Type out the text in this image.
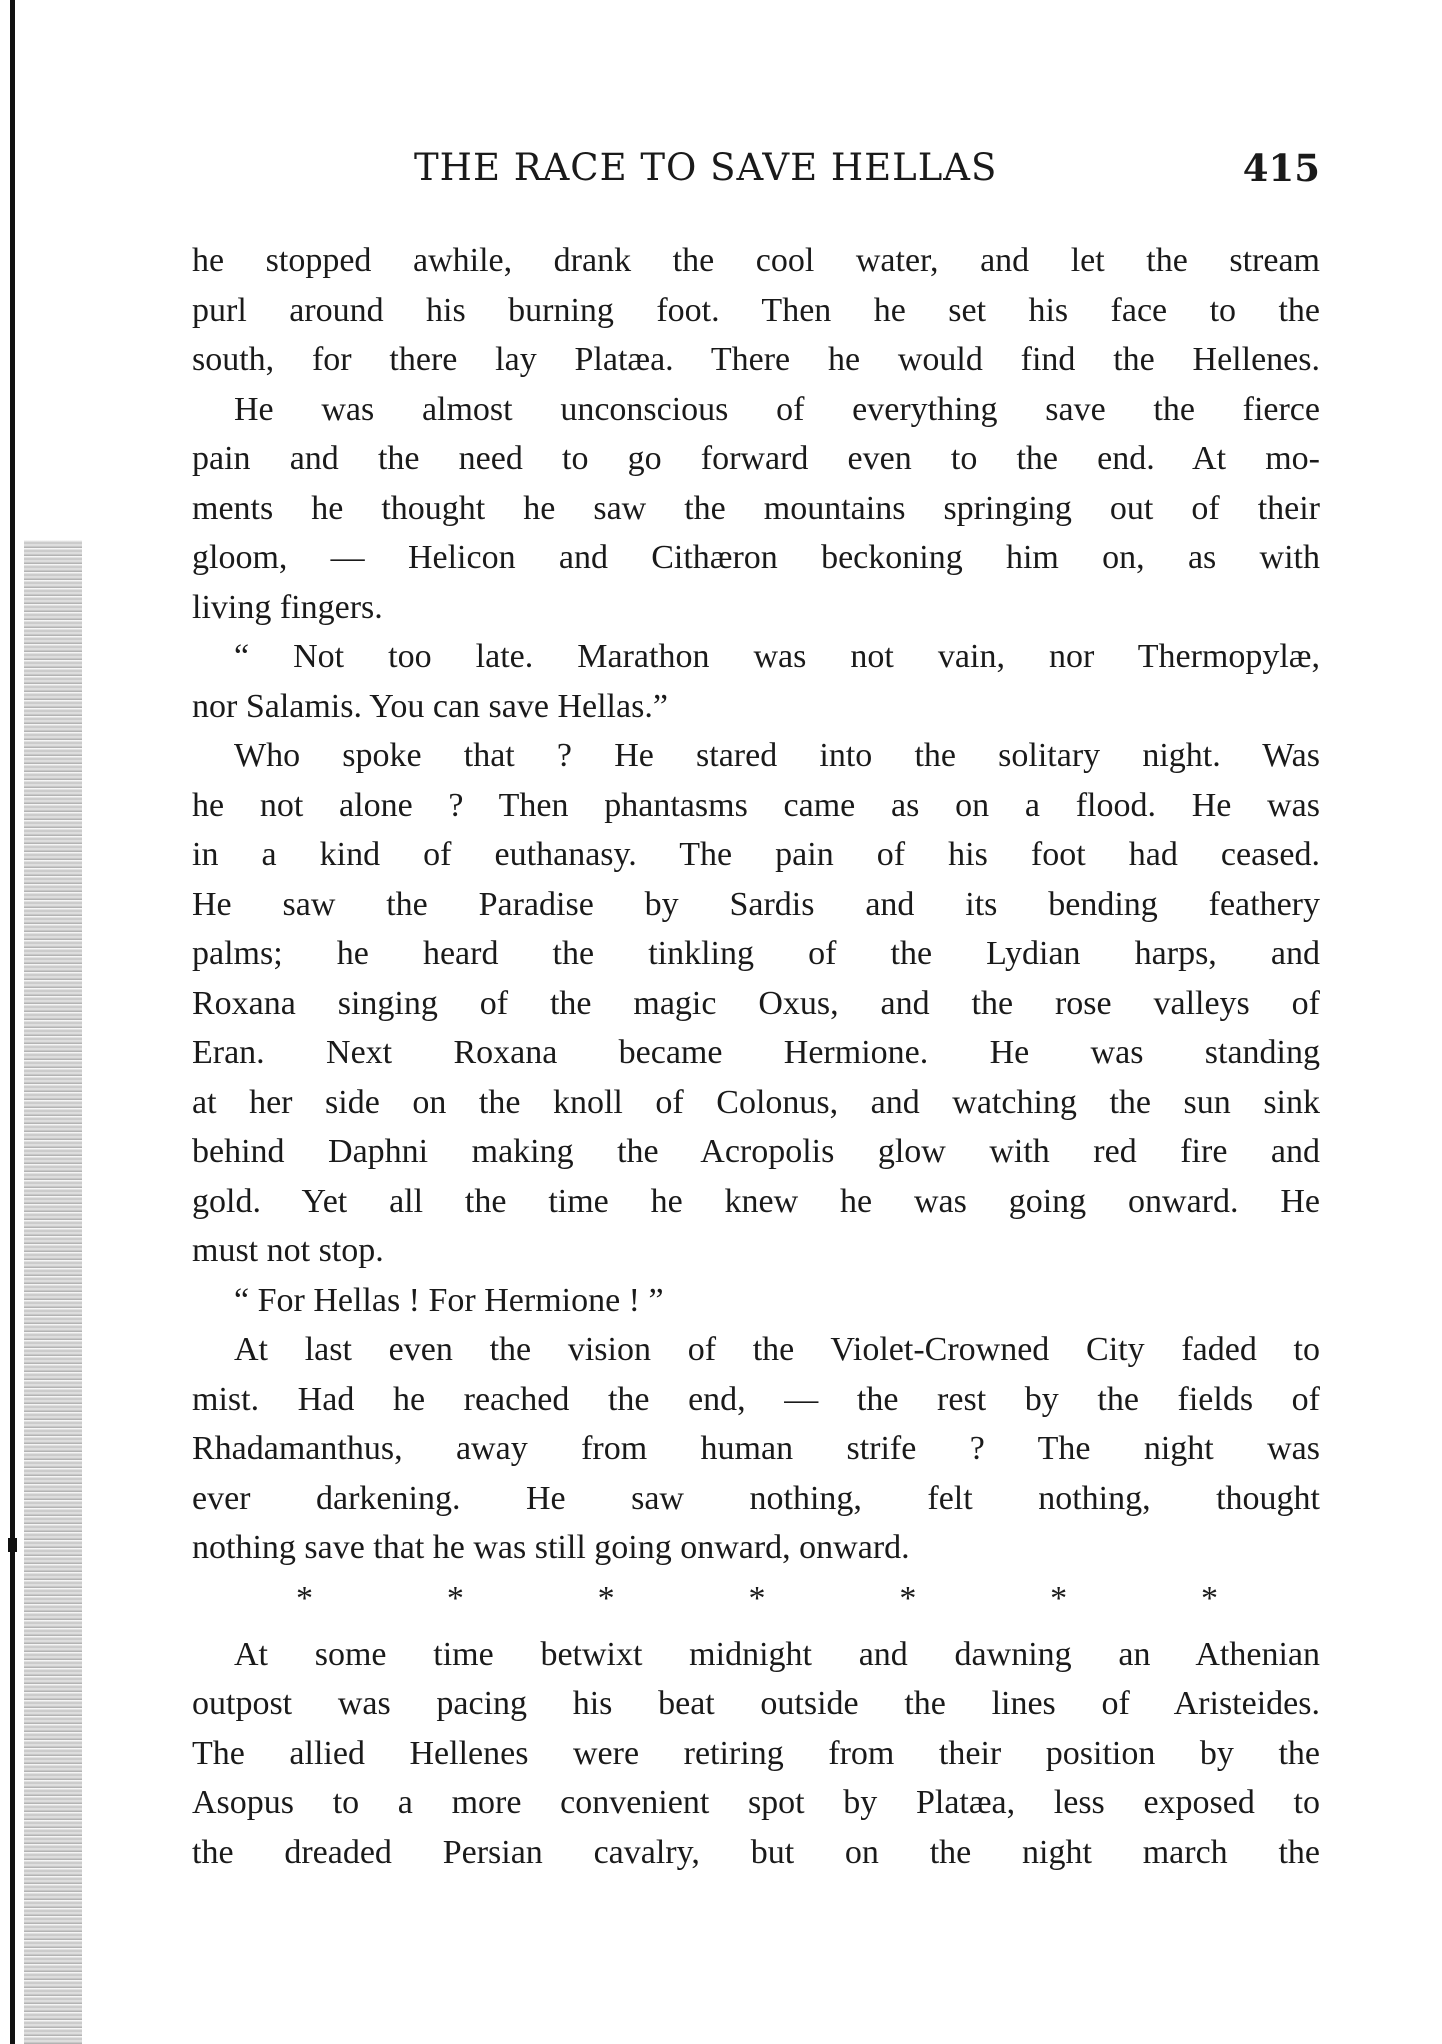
THE RACE TO SAVE HELLAS	415
he stopped awhile, drank the cool water, and let the stream
purl around his burning foot. Then he set his face to the
south, for there lay Platæa. There he would find the Hellenes.
He was almost unconscious of everything save the fierce
pain and the need to go forward even to the end. At mo-
ments he thought he saw the mountains springing out of their
gloom, — Helicon and Cithæron beckoning him on, as with
living fingers.
“ Not too late. Marathon was not vain, nor Thermopylæ,
nor Salamis. You can save Hellas.”
Who spoke that ? He stared into the solitary night. Was
he not alone ? Then phantasms came as on a flood. He was
in a kind of euthanasy. The pain of his foot had ceased.
He saw the Paradise by Sardis and its bending feathery
palms; he heard the tinkling of the Lydian harps, and
Roxana singing of the magic Oxus, and the rose valleys of
Eran. Next Roxana became Hermione. He was standing
at her side on the knoll of Colonus, and watching the sun sink
behind Daphni making the Acropolis glow with red fire and
gold. Yet all the time he knew he was going onward. He
must not stop.
“ For Hellas ! For Hermione ! ”
At last even the vision of the Violet-Crowned City faded to
mist. Had he reached the end, — the rest by the fields of
Rhadamanthus, away from human strife ? The night was
ever darkening. He saw nothing, felt nothing, thought
nothing save that he was still going onward, onward.
*	*	*	*	*	*	*
At some time betwixt midnight and dawning an Athenian
outpost was pacing his beat outside the lines of Aristeides.
The allied Hellenes were retiring from their position by the
Asopus to a more convenient spot by Platæa, less exposed to
the dreaded Persian cavalry, but on the night march the
